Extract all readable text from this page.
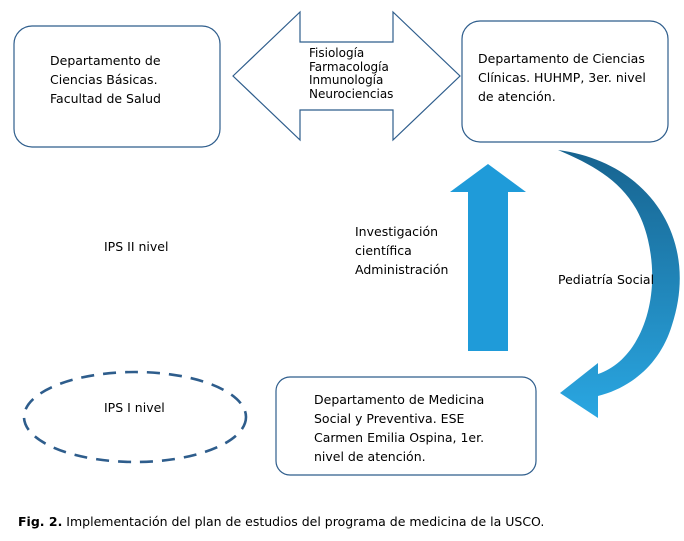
Departamento de
Ciencias Básicas.
Facultad de Salud
Departamento de Ciencias
Clínicas. HUHMP, 3er. nivel
de atención.
Departamento de Medicina
Social y Preventiva. ESE
Carmen Emilia Ospina, 1er.
nivel de atención.
IPS II nivel
IPS I nivel
Fisiología
Farmacología
Inmunología
Neurociencias
Investigación
científica
Administración
Pediatría Social
Fig. 2. Implementación del plan de estudios del programa de medicina de la USCO.
